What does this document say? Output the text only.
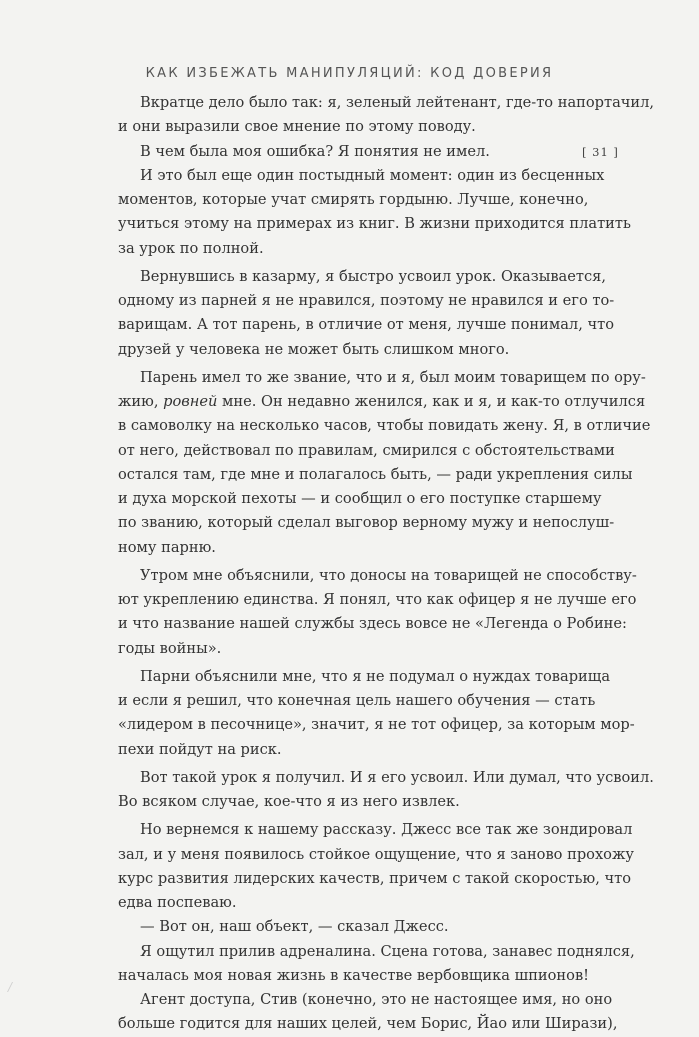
КАК ИЗБЕЖАТЬ МАНИПУЛЯЦИЙ: КОД ДОВЕРИЯ
[ 31 ]
Вкратце дело было так: я, зеленый лейтенант, где-то напортачил,
и они выразили свое мнение по этому поводу.
В чем была моя ошибка? Я понятия не имел.
И это был еще один постыдный момент: один из бесценных
моментов, которые учат смирять гордыню. Лучше, конечно,
учиться этому на примерах из книг. В жизни приходится платить
за урок по полной.
Вернувшись в казарму, я быстро усвоил урок. Оказывается,
одному из парней я не нравился, поэтому не нравился и его то-
варищам. А тот парень, в отличие от меня, лучше понимал, что
друзей у человека не может быть слишком много.
Парень имел то же звание, что и я, был моим товарищем по ору-
жию, ровней мне. Он недавно женился, как и я, и как-то отлучился
в самоволку на несколько часов, чтобы повидать жену. Я, в отличие
от него, действовал по правилам, смирился с обстоятельствами
остался там, где мне и полагалось быть, — ради укрепления силы
и духа морской пехоты — и сообщил о его поступке старшему
по званию, который сделал выговор верному мужу и непослуш-
ному парню.
Утром мне объяснили, что доносы на товарищей не способству-
ют укреплению единства. Я понял, что как офицер я не лучше его
и что название нашей службы здесь вовсе не «Легенда о Робине:
годы войны».
Парни объяснили мне, что я не подумал о нуждах товарища
и если я решил, что конечная цель нашего обучения — стать
«лидером в песочнице», значит, я не тот офицер, за которым мор-
пехи пойдут на риск.
Вот такой урок я получил. И я его усвоил. Или думал, что усвоил.
Во всяком случае, кое-что я из него извлек.
Но вернемся к нашему рассказу. Джесс все так же зондировал
зал, и у меня появилось стойкое ощущение, что я заново прохожу
курс развития лидерских качеств, причем с такой скоростью, что
едва поспеваю.
— Вот он, наш объект, — сказал Джесс.
Я ощутил прилив адреналина. Сцена готова, занавес поднялся,
началась моя новая жизнь в качестве вербовщика шпионов!
Агент доступа, Стив (конечно, это не настоящее имя, но оно
больше годится для наших целей, чем Борис, Йао или Ширази),
/
